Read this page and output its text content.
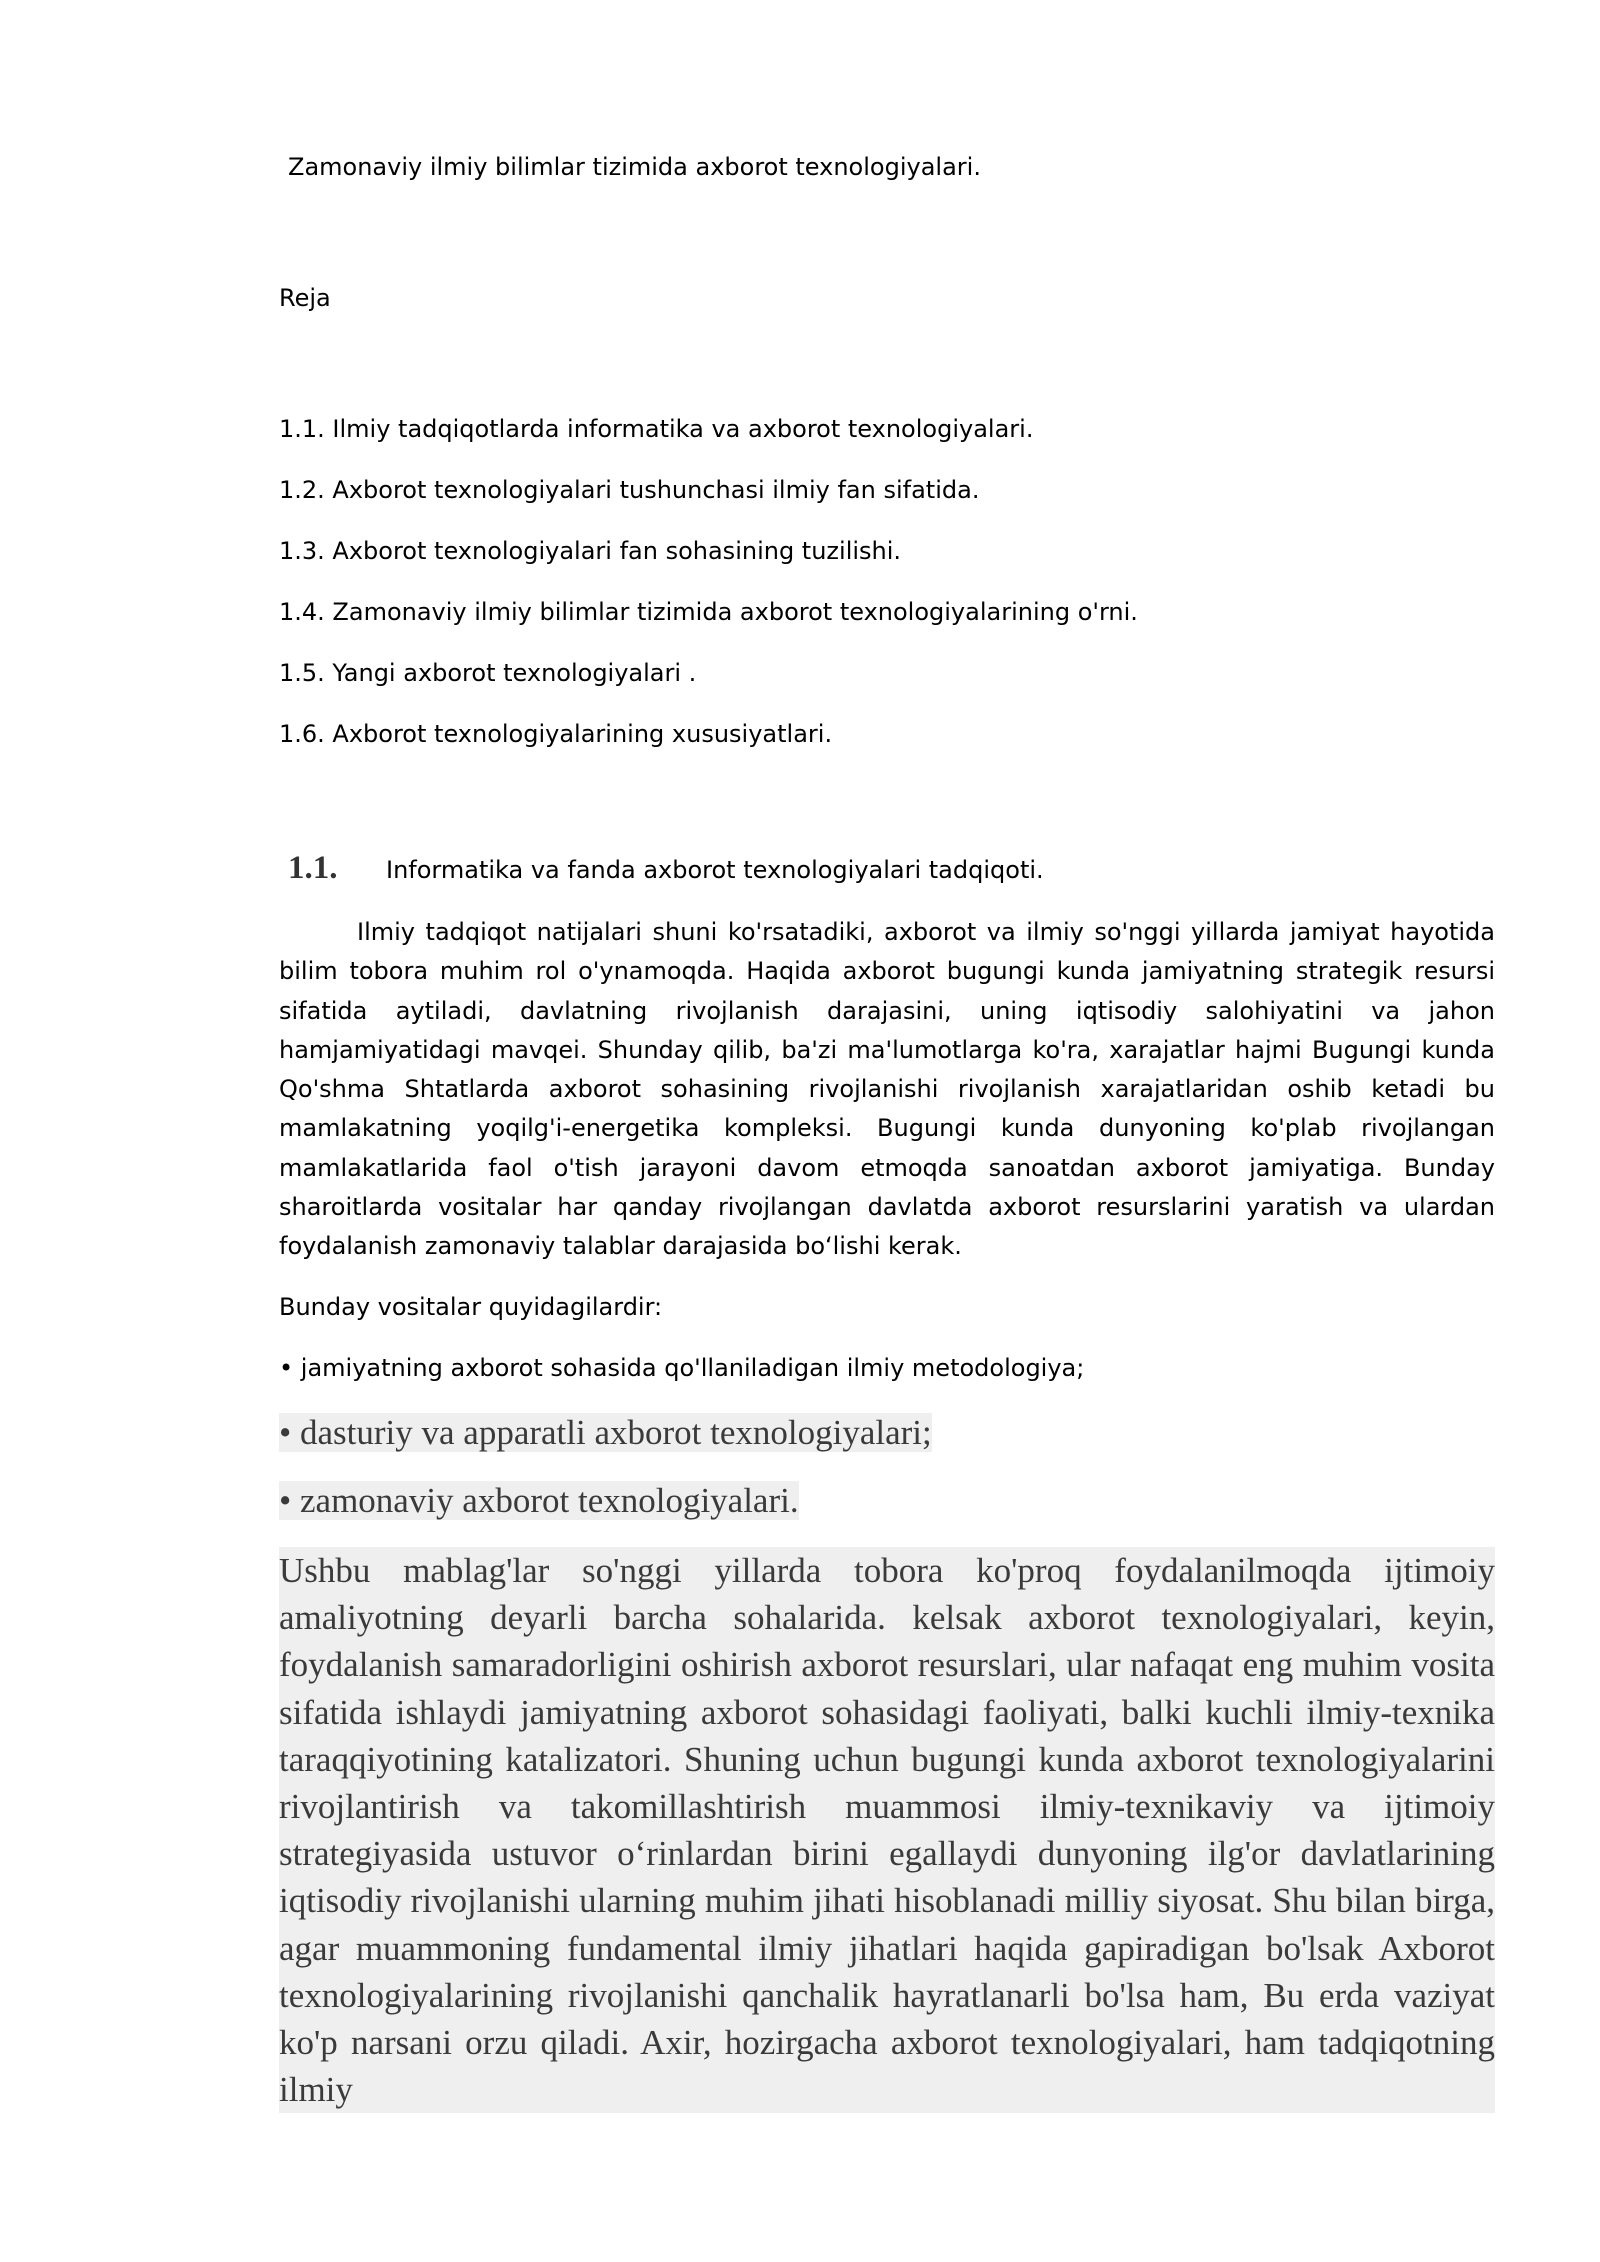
Zamonaviy ilmiy bilimlar tizimida axborot texnologiyalari.
Reja
1.1. Ilmiy tadqiqotlarda informatika va axborot texnologiyalari.
1.2. Axborot texnologiyalari tushunchasi ilmiy fan sifatida.
1.3. Axborot texnologiyalari fan sohasining tuzilishi.
1.4. Zamonaviy ilmiy bilimlar tizimida axborot texnologiyalarining o'rni.
1.5. Yangi axborot texnologiyalari .
1.6. Axborot texnologiyalarining xususiyatlari.
1.1.	Informatika va fanda axborot texnologiyalari tadqiqoti.

Ilmiy tadqiqot natijalari shuni ko'rsatadiki, axborot va ilmiy so'nggi yillarda jamiyat hayotida bilim tobora muhim rol o'ynamoqda. Haqida axborot bugungi kunda jamiyatning strategik resursi sifatida aytiladi, davlatning rivojlanish darajasini, uning iqtisodiy salohiyatini va jahon hamjamiyatidagi mavqei. Shunday qilib, ba'zi ma'lumotlarga ko'ra, xarajatlar hajmi Bugungi kunda Qo'shma Shtatlarda axborot sohasining rivojlanishi rivojlanish xarajatlaridan oshib ketadi bu mamlakatning yoqilg'i-energetika kompleksi. Bugungi kunda dunyoning ko'plab rivojlangan mamlakatlarida faol o'tish jarayoni davom etmoqda sanoatdan axborot jamiyatiga. Bunday sharoitlarda vositalar har qanday rivojlangan davlatda axborot resurslarini yaratish va ulardan foydalanish zamonaviy talablar darajasida bo‘lishi kerak.

Bunday vositalar quyidagilardir:

• jamiyatning axborot sohasida qo'llaniladigan ilmiy metodologiya;

• dasturiy va apparatli axborot texnologiyalari;

• zamonaviy axborot texnologiyalari.

Ushbu mablag'lar so'nggi yillarda tobora ko'proq foydalanilmoqda ijtimoiy amaliyotning deyarli barcha sohalarida. kelsak axborot texnologiyalari, keyin, foydalanish samaradorligini oshirish axborot resurslari, ular nafaqat eng muhim vosita sifatida ishlaydi jamiyatning axborot sohasidagi faoliyati, balki kuchli ilmiy-texnika taraqqiyotining katalizatori. Shuning uchun bugungi kunda axborot texnologiyalarini rivojlantirish va takomillashtirish muammosi ilmiy-texnikaviy va ijtimoiy strategiyasida ustuvor o‘rinlardan birini egallaydi dunyoning ilg'or davlatlarining iqtisodiy rivojlanishi ularning muhim jihati hisoblanadi milliy siyosat. Shu bilan birga, agar muammoning fundamental ilmiy jihatlari haqida gapiradigan bo'lsak Axborot texnologiyalarining rivojlanishi qanchalik hayratlanarli bo'lsa ham, Bu erda vaziyat ko'p narsani orzu qiladi. Axir, hozirgacha axborot texnologiyalari, ham tadqiqotning ilmiy
